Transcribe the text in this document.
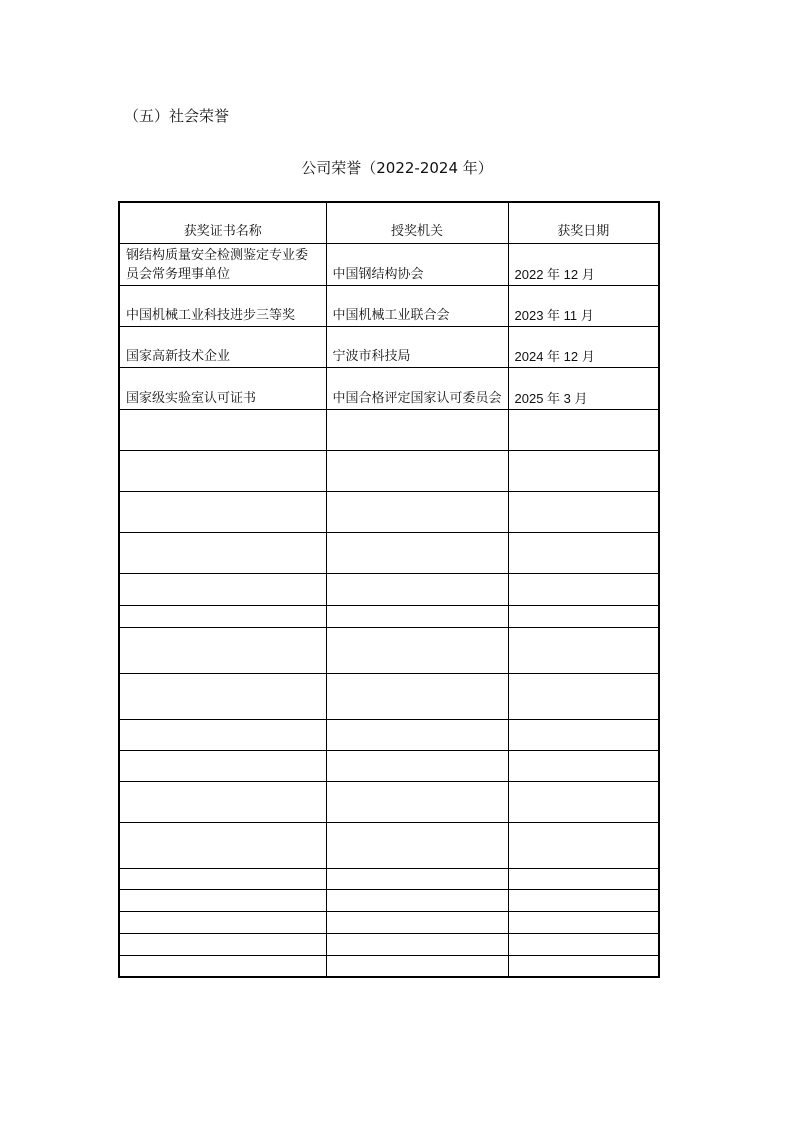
（五）社会荣誉
公司荣誉（2022-2024 年）
获奖证书名称	授奖机关	获奖日期
钢结构质量安全检测鉴定专业委员会常务理事单位	中国钢结构协会	2022 年 12 月
中国机械工业科技进步三等奖	中国机械工业联合会	2023 年 11 月
国家高新技术企业	宁波市科技局	2024 年 12 月
国家级实验室认可证书	中国合格评定国家认可委员会	2025 年 3 月
